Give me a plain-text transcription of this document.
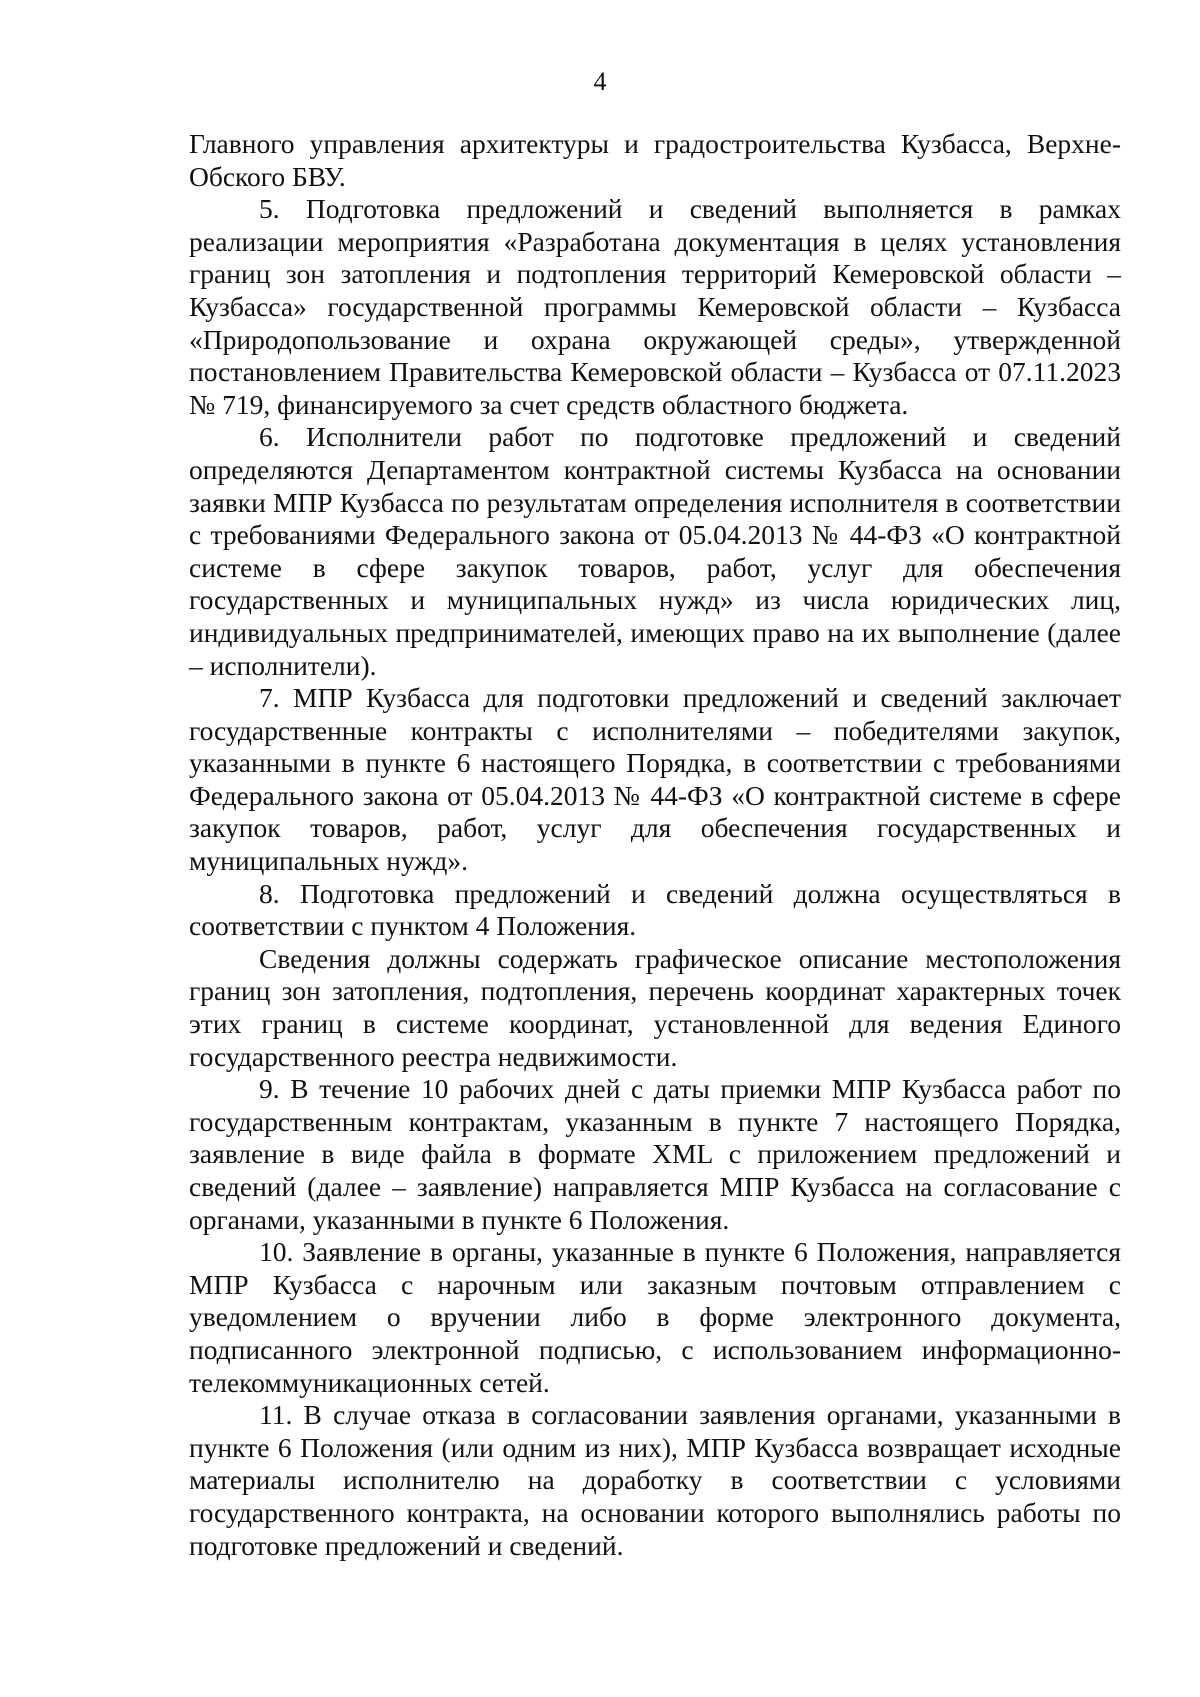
4

Главного управления архитектуры и градостроительства Кузбасса, Верхне-Обского БВУ.

5. Подготовка предложений и сведений выполняется в рамках реализации мероприятия «Разработана документация в целях установления границ зон затопления и подтопления территорий Кемеровской области – Кузбасса» государственной программы Кемеровской области – Кузбасса «Природопользование и охрана окружающей среды», утвержденной постановлением Правительства Кемеровской области – Кузбасса от 07.11.2023 № 719, финансируемого за счет средств областного бюджета.

6. Исполнители работ по подготовке предложений и сведений определяются Департаментом контрактной системы Кузбасса на основании заявки МПР Кузбасса по результатам определения исполнителя в соответствии с требованиями Федерального закона от 05.04.2013 № 44-ФЗ «О контрактной системе в сфере закупок товаров, работ, услуг для обеспечения государственных и муниципальных нужд» из числа юридических лиц, индивидуальных предпринимателей, имеющих право на их выполнение (далее – исполнители).

7. МПР Кузбасса для подготовки предложений и сведений заключает государственные контракты с исполнителями – победителями закупок, указанными в пункте 6 настоящего Порядка, в соответствии с требованиями Федерального закона от 05.04.2013 № 44-ФЗ «О контрактной системе в сфере закупок товаров, работ, услуг для обеспечения государственных и муниципальных нужд».

8. Подготовка предложений и сведений должна осуществляться в соответствии с пунктом 4 Положения.

Сведения должны содержать графическое описание местоположения границ зон затопления, подтопления, перечень координат характерных точек этих границ в системе координат, установленной для ведения Единого государственного реестра недвижимости.

9. В течение 10 рабочих дней с даты приемки МПР Кузбасса работ по государственным контрактам, указанным в пункте 7 настоящего Порядка, заявление в виде файла в формате XML с приложением предложений и сведений (далее – заявление) направляется МПР Кузбасса на согласование с органами, указанными в пункте 6 Положения.

10. Заявление в органы, указанные в пункте 6 Положения, направляется МПР Кузбасса с нарочным или заказным почтовым отправлением с уведомлением о вручении либо в форме электронного документа, подписанного электронной подписью, с использованием информационно-телекоммуникационных сетей.

11. В случае отказа в согласовании заявления органами, указанными в пункте 6 Положения (или одним из них), МПР Кузбасса возвращает исходные материалы исполнителю на доработку в соответствии с условиями государственного контракта, на основании которого выполнялись работы по подготовке предложений и сведений.
